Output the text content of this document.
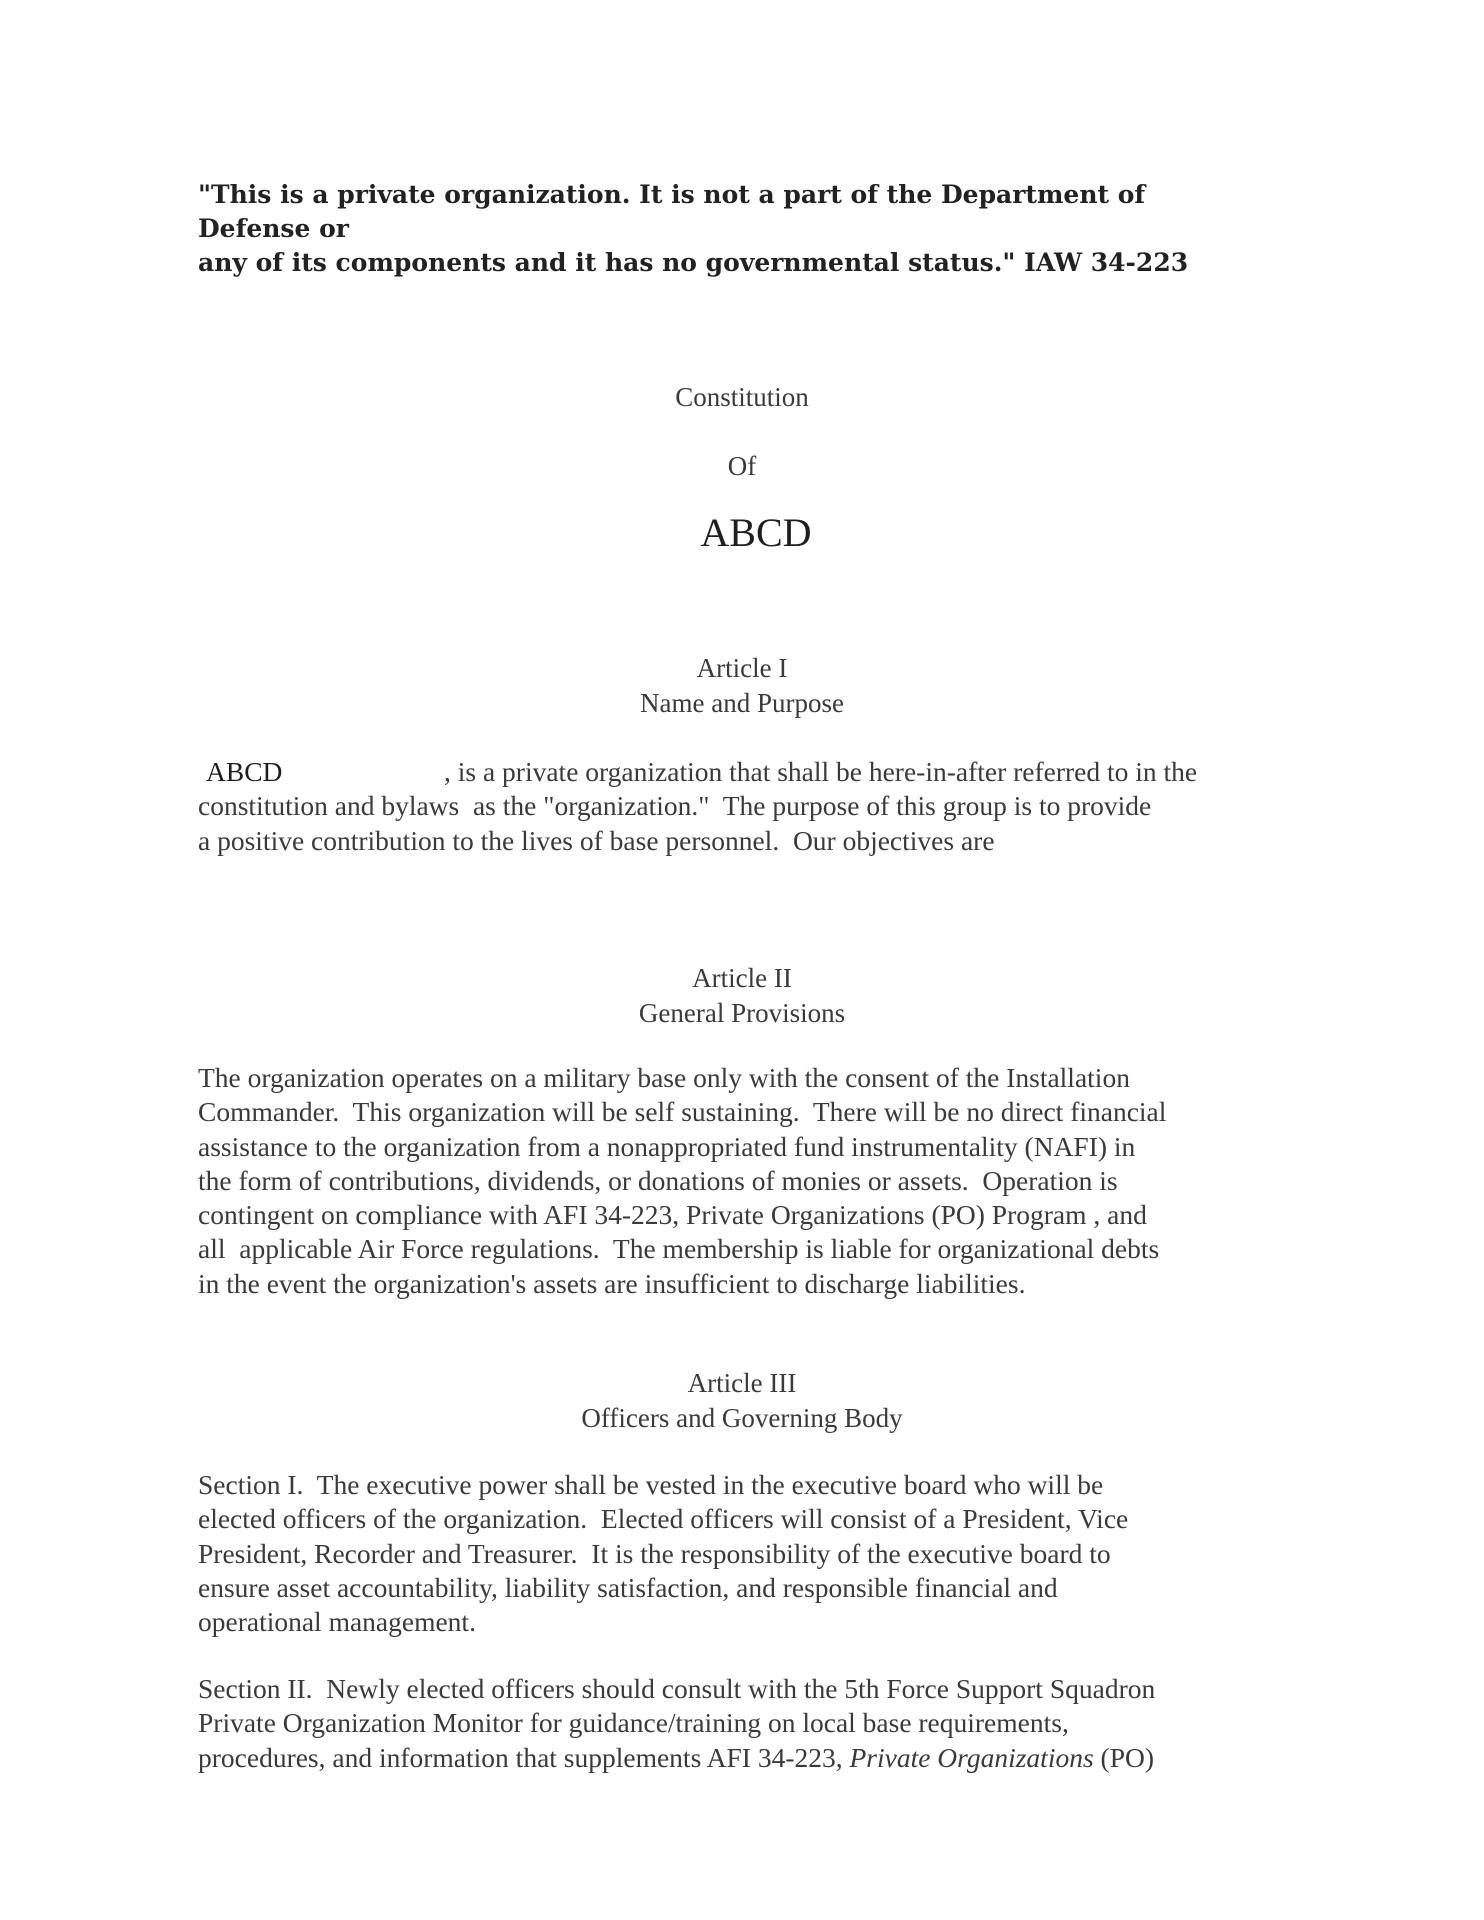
"This is a private organization. It is not a part of the Department of Defense or
any of its components and it has no governmental status." IAW 34-223
Constitution
Of
ABCD
Article I
Name and Purpose
ABCD	, is a private organization that shall be here-in-after referred to in the
constitution and bylaws  as the "organization."  The purpose of this group is to provide
a positive contribution to the lives of base personnel.  Our objectives are
Article II
General Provisions
The organization operates on a military base only with the consent of the Installation
Commander.  This organization will be self sustaining.  There will be no direct financial
assistance to the organization from a nonappropriated fund instrumentality (NAFI) in
the form of contributions, dividends, or donations of monies or assets.  Operation is
contingent on compliance with AFI 34-223, Private Organizations (PO) Program , and
all  applicable Air Force regulations.  The membership is liable for organizational debts
in the event the organization's assets are insufficient to discharge liabilities.
Article III
Officers and Governing Body
Section I.  The executive power shall be vested in the executive board who will be
elected officers of the organization.  Elected officers will consist of a President, Vice
President, Recorder and Treasurer.  It is the responsibility of the executive board to
ensure asset accountability, liability satisfaction, and responsible financial and
operational management.
Section II.  Newly elected officers should consult with the 5th Force Support Squadron
Private Organization Monitor for guidance/training on local base requirements,
procedures, and information that supplements AFI 34-223, Private Organizations (PO)
